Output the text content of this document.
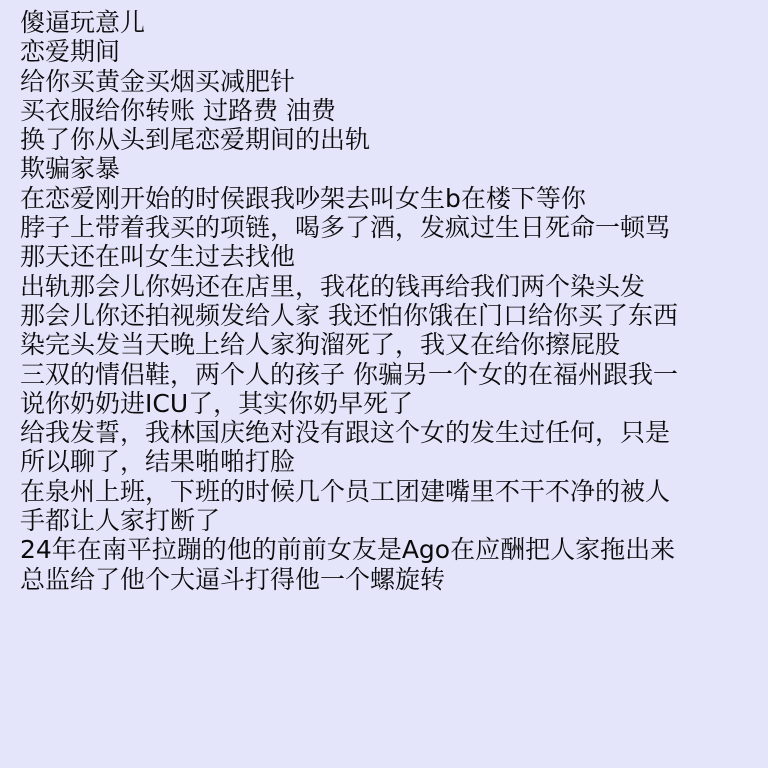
傻逼玩意儿
恋爱期间
给你买黄金买烟买减肥针
买衣服给你转账 过路费 油费
换了你从头到尾恋爱期间的出轨
欺骗家暴
在恋爱刚开始的时侯跟我吵架去叫女生b在楼下等你
脖子上带着我买的项链，喝多了酒，发疯过生日死命一顿骂
那天还在叫女生过去找他
出轨那会儿你妈还在店里，我花的钱再给我们两个染头发
那会儿你还拍视频发给人家 我还怕你饿在门口给你买了东西
染完头发当天晚上给人家狗溜死了，我又在给你擦屁股
三双的情侣鞋，两个人的孩子 你骗另一个女的在福州跟我一
说你奶奶进ICU了，其实你奶早死了
给我发誓，我林国庆绝对没有跟这个女的发生过任何，只是
所以聊了，结果啪啪打脸
在泉州上班，下班的时候几个员工团建嘴里不干不净的被人
手都让人家打断了
24年在南平拉蹦的他的前前女友是Ago在应酬把人家拖出来
总监给了他个大逼斗打得他一个螺旋转
